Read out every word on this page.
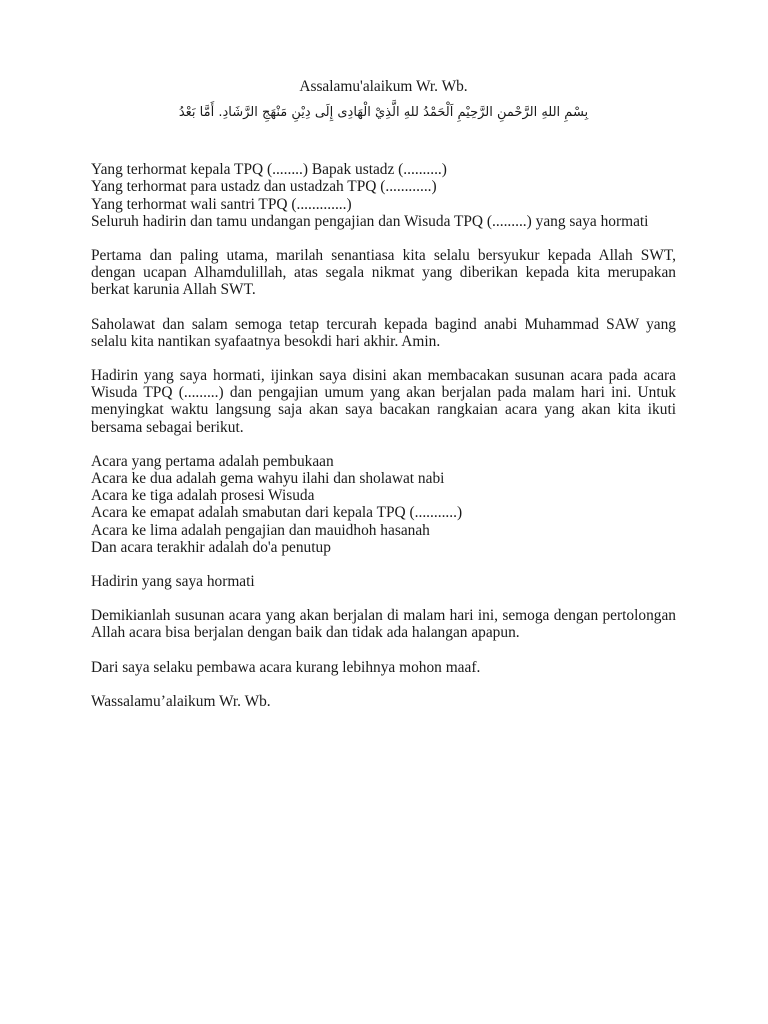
Assalamu'alaikum Wr. Wb.
بِسْمِ اللهِ الرَّحْمنِ الرَّحِيْمِ اَلْحَمْدُ للهِ الَّذِيْ الْهَادِى إِلَى دِيْنِ مَنْهَجِ الرَّشَادِ. أَمَّا بَعْدُ
Yang terhormat kepala TPQ (........) Bapak ustadz (..........)
Yang terhormat para ustadz dan ustadzah TPQ (............)
Yang terhormat wali santri TPQ (.............)
Seluruh hadirin dan tamu undangan pengajian dan Wisuda TPQ (.........) yang saya hormati

Pertama dan paling utama, marilah senantiasa kita selalu bersyukur kepada Allah SWT, dengan ucapan Alhamdulillah, atas segala nikmat yang diberikan kepada kita merupakan berkat karunia Allah SWT.

Saholawat dan salam semoga tetap tercurah kepada bagind anabi Muhammad SAW yang selalu kita nantikan syafaatnya besokdi hari akhir. Amin.

Hadirin yang saya hormati, ijinkan saya disini akan membacakan susunan acara pada acara Wisuda TPQ (.........) dan pengajian umum yang akan berjalan pada malam hari ini. Untuk menyingkat waktu langsung saja akan saya bacakan rangkaian acara yang akan kita ikuti bersama sebagai berikut.

Acara yang pertama adalah pembukaan
Acara ke dua adalah gema wahyu ilahi dan sholawat nabi
Acara ke tiga adalah prosesi Wisuda
Acara ke emapat adalah smabutan dari kepala TPQ (...........)
Acara ke lima adalah pengajian dan mauidhoh hasanah
Dan acara terakhir adalah do'a penutup

Hadirin yang saya hormati

Demikianlah susunan acara yang akan berjalan di malam hari ini, semoga dengan pertolongan Allah acara bisa berjalan dengan baik dan tidak ada halangan apapun.

Dari saya selaku pembawa acara kurang lebihnya mohon maaf.

Wassalamu’alaikum Wr. Wb.
